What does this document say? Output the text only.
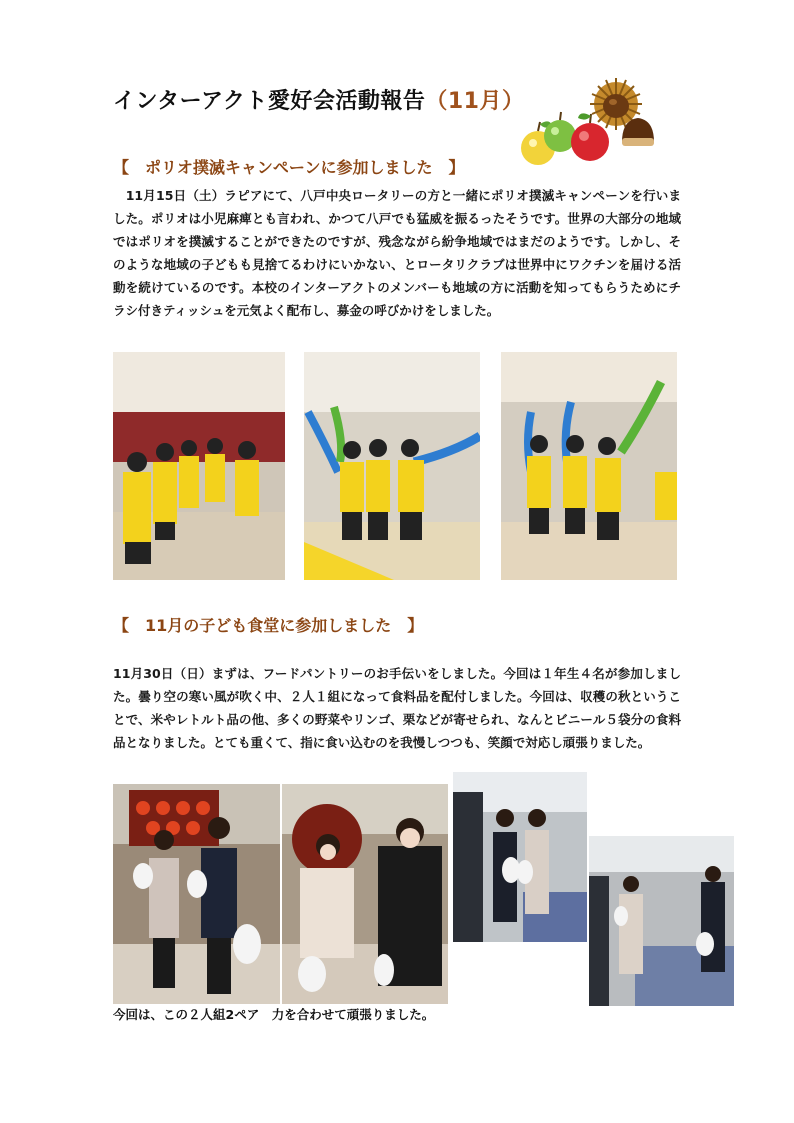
インターアクト愛好会活動報告（11月）
【　ポリオ撲滅キャンペーンに参加しました　】

　11月15日（土）ラピアにて、八戸中央ロータリーの方と一緒にポリオ撲滅キャンペーンを行いました。ポリオは小児麻痺とも言われ、かつて八戸でも猛威を振るったそうです。世界の大部分の地域ではポリオを撲滅することができたのですが、残念ながら紛争地域ではまだのようです。しかし、そのような地域の子どもも見捨てるわけにいかない、とロータリクラブは世界中にワクチンを届ける活動を続けているのです。本校のインターアクトのメンバーも地域の方に活動を知ってもらうためにチラシ付きティッシュを元気よく配布し、募金の呼びかけをしました。

【　11月の子ども食堂に参加しました　】

11月30日（日）まずは、フードパントリーのお手伝いをしました。今回は１年生４名が参加しました。曇り空の寒い風が吹く中、２人１組になって食料品を配付しました。今回は、収穫の秋ということで、米やレトルト品の他、多くの野菜やリンゴ、栗などが寄せられ、なんとビニール５袋分の食料品となりました。とても重くて、指に食い込むのを我慢しつつも、笑顔で対応し頑張りました。

今回は、この２人組2ペア　力を合わせて頑張りました。
